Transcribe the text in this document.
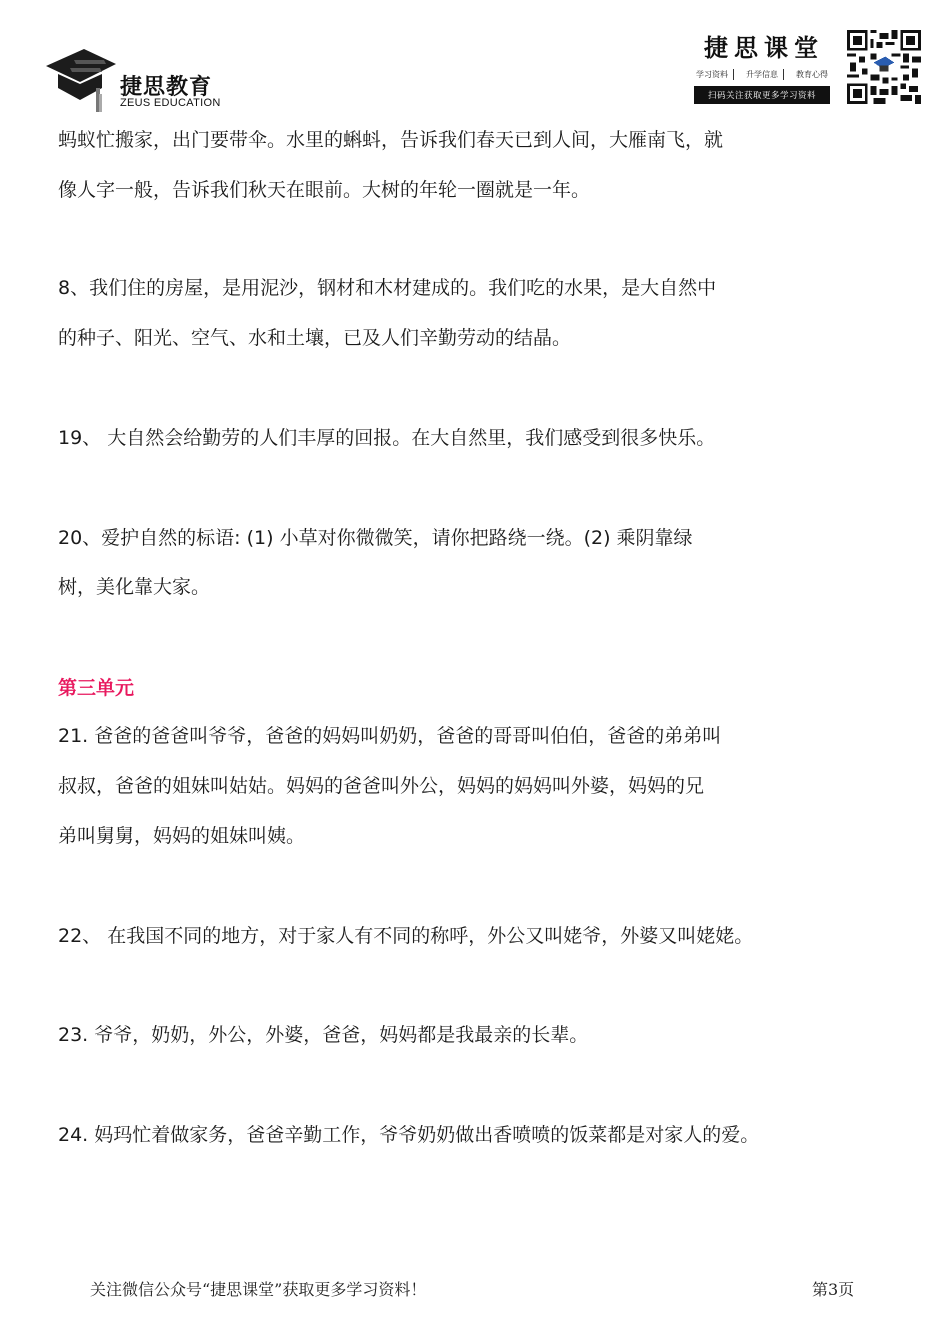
捷思教育
ZEUS EDUCATION
捷思课堂
学习资料	升学信息	教育心得
扫码关注获取更多学习资料
蚂蚁忙搬家，出门要带伞。水里的蝌蚪，告诉我们春天已到人间，大雁南飞，就
像人字一般，告诉我们秋天在眼前。大树的年轮一圈就是一年。
8、我们住的房屋，是用泥沙，钢材和木材建成的。我们吃的水果，是大自然中
的种子、阳光、空气、水和土壤，已及人们辛勤劳动的结晶。
19、 大自然会给勤劳的人们丰厚的回报。在大自然里，我们感受到很多快乐。
20、爱护自然的标语: (1) 小草对你微微笑，请你把路绕一绕。(2) 乘阴靠绿
树，美化靠大家。
第三单元
21. 爸爸的爸爸叫爷爷，爸爸的妈妈叫奶奶，爸爸的哥哥叫伯伯，爸爸的弟弟叫
叔叔，爸爸的姐妹叫姑姑。妈妈的爸爸叫外公，妈妈的妈妈叫外婆，妈妈的兄
弟叫舅舅，妈妈的姐妹叫姨。
22、 在我国不同的地方，对于家人有不同的称呼，外公又叫姥爷，外婆又叫姥姥。
23. 爷爷，奶奶，外公，外婆，爸爸，妈妈都是我最亲的长辈。
24. 妈玛忙着做家务，爸爸辛勤工作，爷爷奶奶做出香喷喷的饭菜都是对家人的爱。
关注微信公众号“捷思课堂”获取更多学习资料！	第3页
